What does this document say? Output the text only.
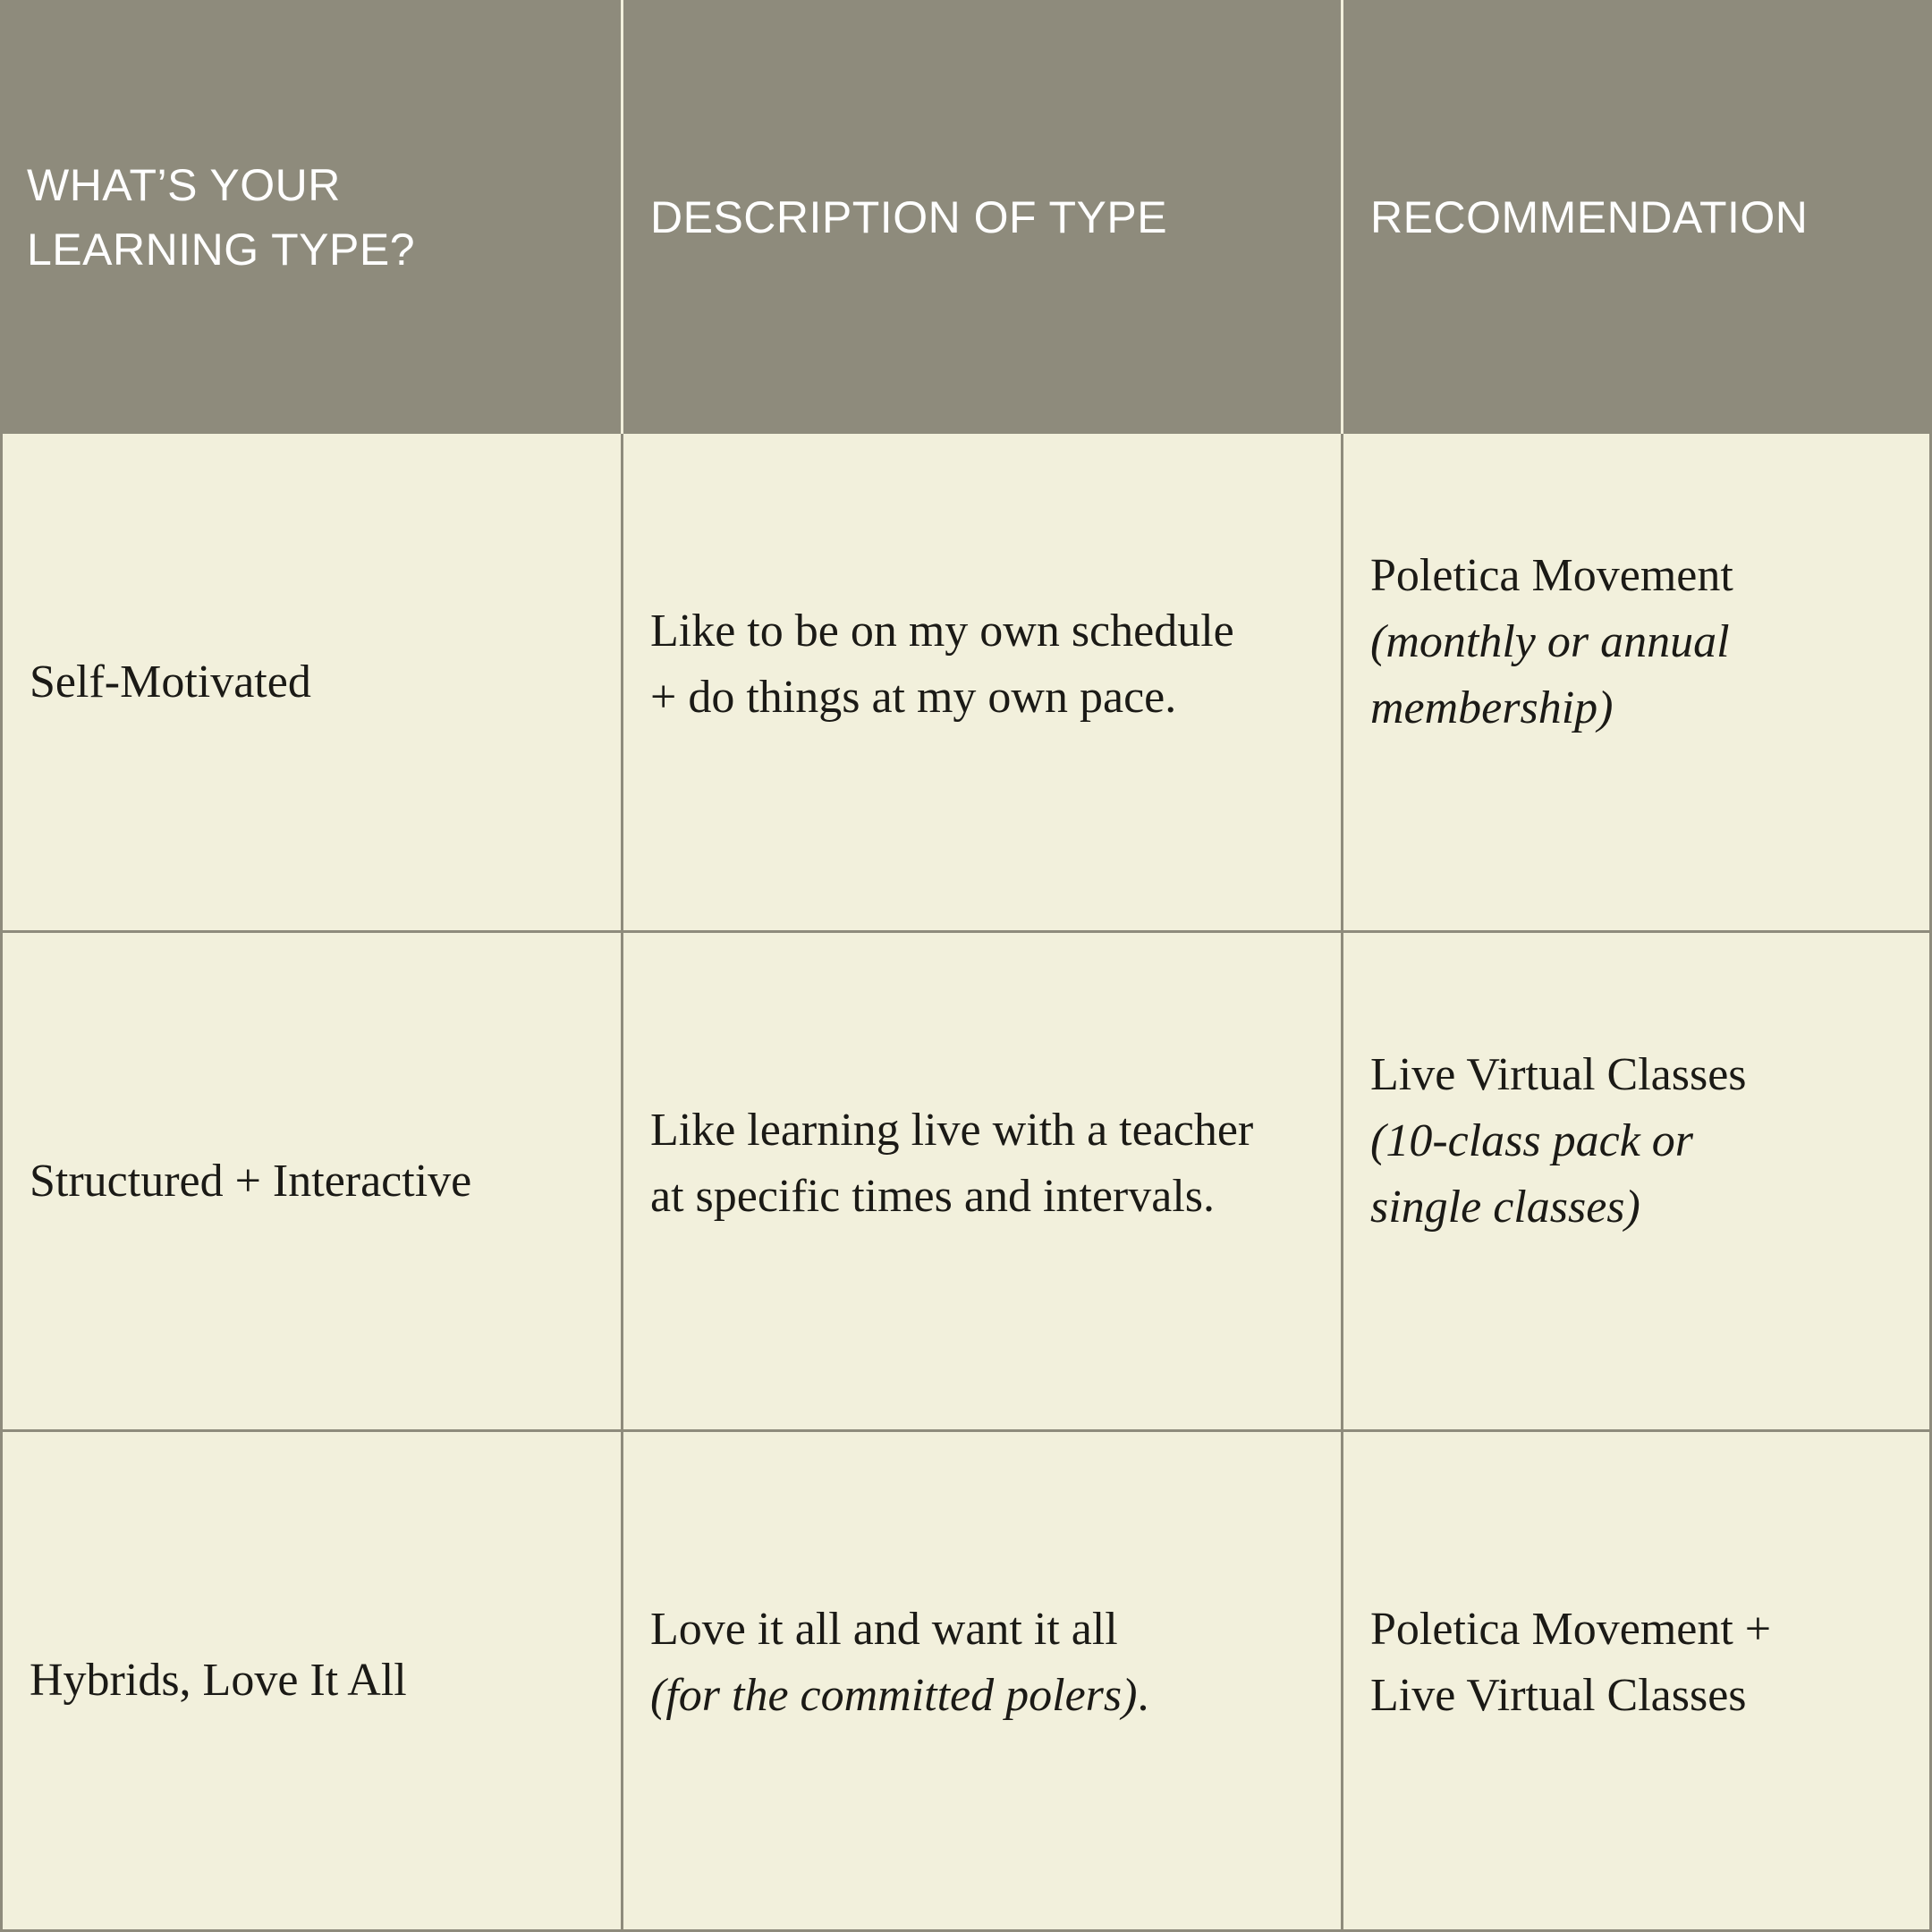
WHAT’S YOUR
LEARNING TYPE?
DESCRIPTION OF TYPE	RECOMMENDATION
Self-Motivated
Like to be on my own schedule
+ do things at my own pace.
Poletica Movement
(monthly or annual
membership)
Structured + Interactive
Like learning live with a teacher
at specific times and intervals.
Live Virtual Classes
(10-class pack or
single classes)
Hybrids, Love It All
Love it all and want it all
(for the committed polers).
Poletica Movement +
Live Virtual Classes
